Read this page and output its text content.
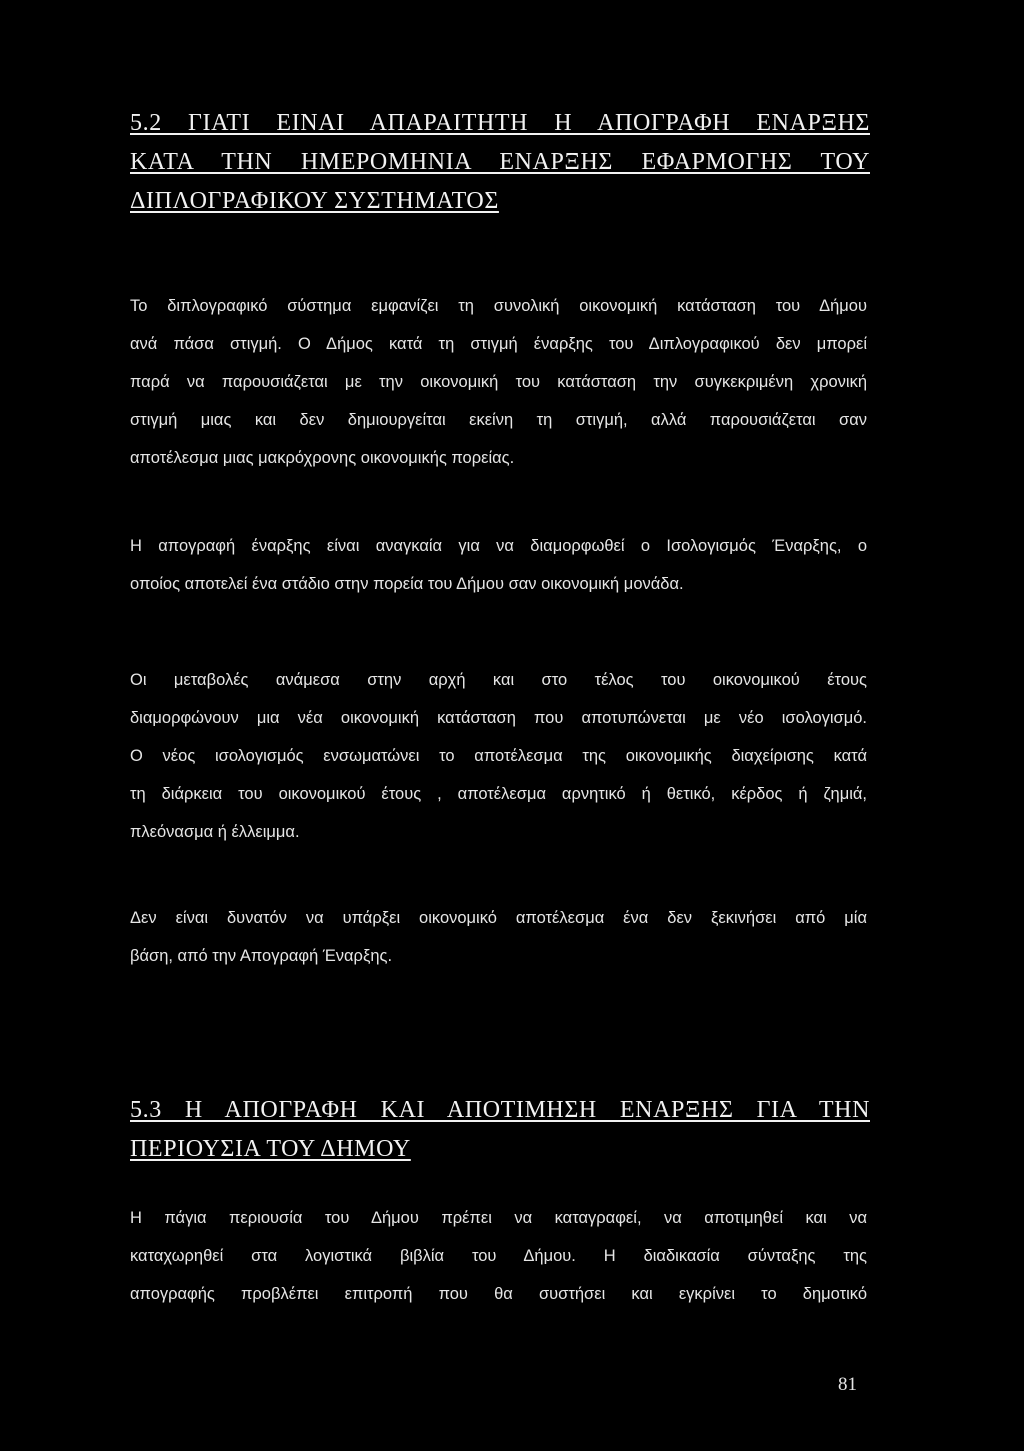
5.2 ΓΙΑΤΙ ΕΙΝΑΙ ΑΠΑΡΑΙΤΗΤΗ Η ΑΠΟΓΡΑΦΗ ΕΝΑΡΞΗΣ
ΚΑΤΑ ΤΗΝ ΗΜΕΡΟΜΗΝΙΑ ΕΝΑΡΞΗΣ ΕΦΑΡΜΟΓΗΣ ΤΟΥ
ΔΙΠΛΟΓΡΑΦΙΚΟΥ ΣΥΣΤΗΜΑΤΟΣ

Το διπλογραφικό σύστημα εμφανίζει τη συνολική οικονομική κατάσταση του Δήμου
ανά πάσα στιγμή. Ο Δήμος κατά τη στιγμή έναρξης του Διπλογραφικού δεν μπορεί
παρά να παρουσιάζεται με την οικονομική του κατάσταση την συγκεκριμένη χρονική
στιγμή μιας και δεν δημιουργείται εκείνη τη στιγμή, αλλά παρουσιάζεται σαν
αποτέλεσμα μιας μακρόχρονης οικονομικής πορείας.

Η απογραφή έναρξης είναι αναγκαία για να διαμορφωθεί ο Ισολογισμός Έναρξης, ο
οποίος αποτελεί ένα στάδιο στην πορεία του Δήμου σαν οικονομική μονάδα.

Οι μεταβολές ανάμεσα στην αρχή και στο τέλος του οικονομικού έτους
διαμορφώνουν μια νέα οικονομική κατάσταση που αποτυπώνεται με νέο ισολογισμό.
Ο νέος ισολογισμός ενσωματώνει το αποτέλεσμα της οικονομικής διαχείρισης κατά
τη διάρκεια του οικονομικού έτους , αποτέλεσμα αρνητικό ή θετικό, κέρδος ή ζημιά,
πλεόνασμα ή έλλειμμα.

Δεν είναι δυνατόν να υπάρξει οικονομικό αποτέλεσμα ένα δεν ξεκινήσει από μία
βάση, από την Απογραφή Έναρξης.

5.3 Η ΑΠΟΓΡΑΦΗ ΚΑΙ ΑΠΟΤΙΜΗΣΗ ΕΝΑΡΞΗΣ ΓΙΑ ΤΗΝ
ΠΕΡΙΟΥΣΙΑ ΤΟΥ ΔΗΜΟΥ

Η πάγια περιουσία του Δήμου πρέπει να καταγραφεί, να αποτιμηθεί και να
καταχωρηθεί στα λογιστικά βιβλία του Δήμου. Η διαδικασία σύνταξης της
απογραφής προβλέπει επιτροπή που θα συστήσει και εγκρίνει το δημοτικό

81
